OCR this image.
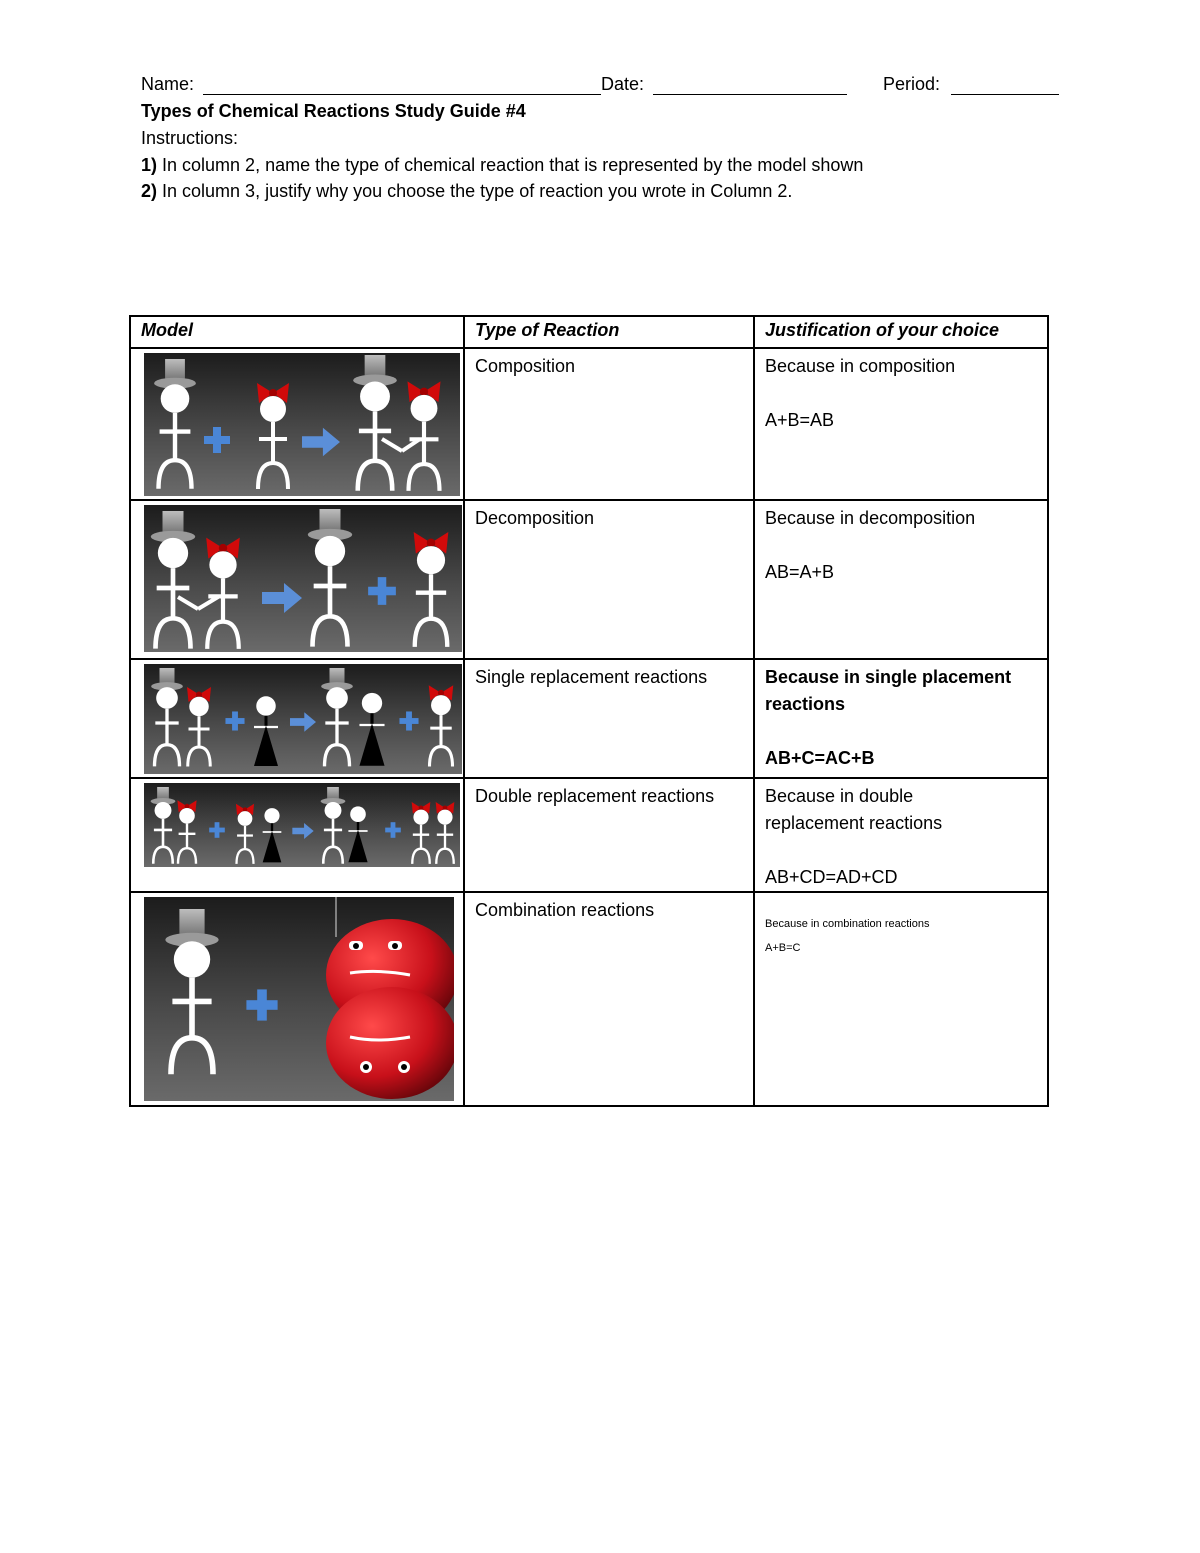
Name:	Date:	Period:
Types of Chemical Reactions Study Guide #4
Instructions:
1) In column 2, name the type of chemical reaction that is represented by the model shown
2) In column 3, justify why you choose the type of reaction you wrote in Column 2.
Model	Type of Reaction	Justification of your choice

Composition	Because in composition

A+B=AB

Decomposition	Because in decomposition

AB=A+B

Single replacement reactions	Because in single placement

reactions

AB+C=AC+B

Double replacement reactions	Because in double

replacement reactions

AB+CD=AD+CD

Combination reactions	Because in combination reactions

A+B=C
